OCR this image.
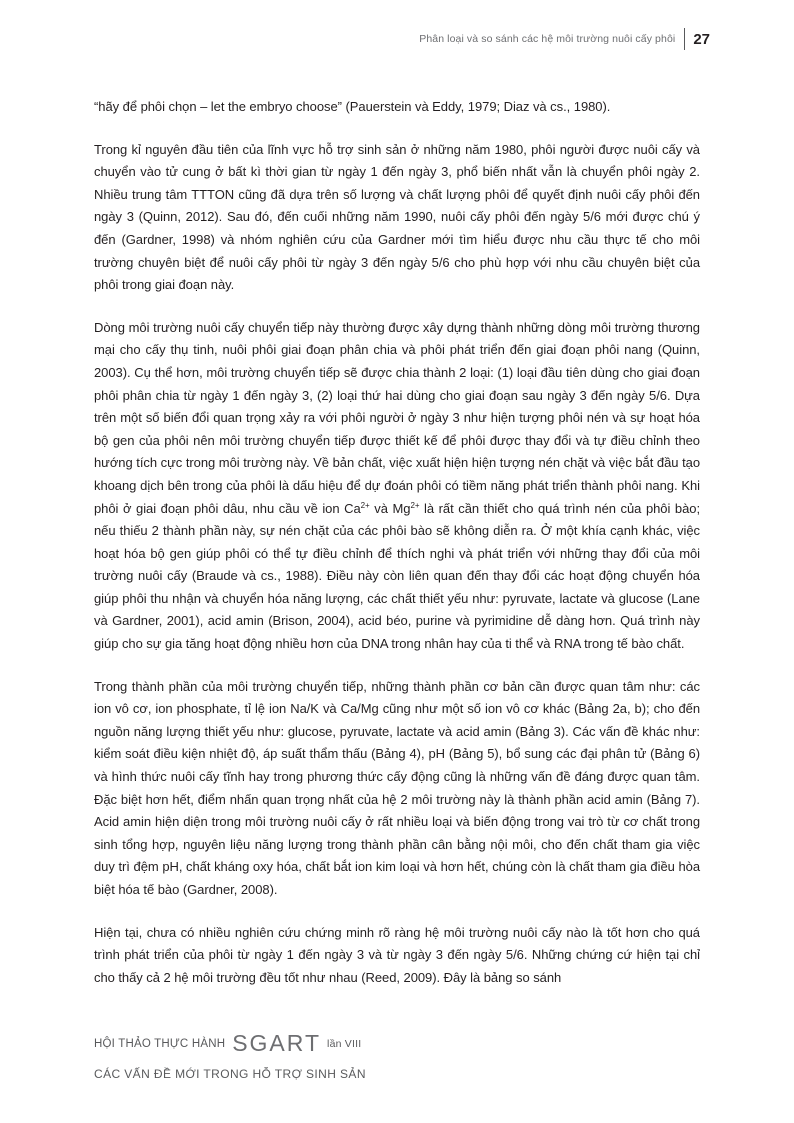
Phân loại và so sánh các hệ môi trường nuôi cấy phôi 27

“hãy để phôi chọn – let the embryo choose” (Pauerstein và Eddy, 1979; Diaz và cs., 1980).

Trong kỉ nguyên đầu tiên của lĩnh vực hỗ trợ sinh sản ở những năm 1980, phôi người được nuôi cấy và chuyển vào tử cung ở bất kì thời gian từ ngày 1 đến ngày 3, phổ biến nhất vẫn là chuyển phôi ngày 2. Nhiều trung tâm TTTON cũng đã dựa trên số lượng và chất lượng phôi để quyết định nuôi cấy phôi đến ngày 3 (Quinn, 2012). Sau đó, đến cuối những năm 1990, nuôi cấy phôi đến ngày 5/6 mới được chú ý đến (Gardner, 1998) và nhóm nghiên cứu của Gardner mới tìm hiểu được nhu cầu thực tế cho môi trường chuyên biệt để nuôi cấy phôi từ ngày 3 đến ngày 5/6 cho phù hợp với nhu cầu chuyên biệt của phôi trong giai đoạn này.

Dòng môi trường nuôi cấy chuyển tiếp này thường được xây dựng thành những dòng môi trường thương mại cho cấy thụ tinh, nuôi phôi giai đoạn phân chia và phôi phát triển đến giai đoạn phôi nang (Quinn, 2003). Cụ thể hơn, môi trường chuyển tiếp sẽ được chia thành 2 loại: (1) loại đầu tiên dùng cho giai đoạn phôi phân chia từ ngày 1 đến ngày 3, (2) loại thứ hai dùng cho giai đoạn sau ngày 3 đến ngày 5/6. Dựa trên một số biến đổi quan trọng xảy ra với phôi người ở ngày 3 như hiện tượng phôi nén và sự hoạt hóa bộ gen của phôi nên môi trường chuyển tiếp được thiết kế để phôi được thay đổi và tự điều chỉnh theo hướng tích cực trong môi trường này. Về bản chất, việc xuất hiện hiện tượng nén chặt và việc bắt đầu tạo khoang dịch bên trong của phôi là dấu hiệu để dự đoán phôi có tiềm năng phát triển thành phôi nang. Khi phôi ở giai đoạn phôi dâu, nhu cầu về ion $Ca^{2+}$ và $Mg^{2+}$ là rất cần thiết cho quá trình nén của phôi bào; nếu thiếu 2 thành phần này, sự nén chặt của các phôi bào sẽ không diễn ra. Ở một khía cạnh khác, việc hoạt hóa bộ gen giúp phôi có thể tự điều chỉnh để thích nghi và phát triển với những thay đổi của môi trường nuôi cấy (Braude và cs., 1988). Điều này còn liên quan đến thay đổi các hoạt động chuyển hóa giúp phôi thu nhận và chuyển hóa năng lượng, các chất thiết yếu như: pyruvate, lactate và glucose (Lane và Gardner, 2001), acid amin (Brison, 2004), acid béo, purine và pyrimidine dễ dàng hơn. Quá trình này giúp cho sự gia tăng hoạt động nhiều hơn của DNA trong nhân hay của ti thể và RNA trong tế bào chất.

Trong thành phần của môi trường chuyển tiếp, những thành phần cơ bản cần được quan tâm như: các ion vô cơ, ion phosphate, tỉ lệ ion Na/K và Ca/Mg cũng như một số ion vô cơ khác (Bảng 2a, b); cho đến nguồn năng lượng thiết yếu như: glucose, pyruvate, lactate và acid amin (Bảng 3). Các vấn đề khác như: kiểm soát điều kiện nhiệt độ, áp suất thẩm thấu (Bảng 4), pH (Bảng 5), bổ sung các đại phân tử (Bảng 6) và hình thức nuôi cấy tĩnh hay trong phương thức cấy động cũng là những vấn đề đáng được quan tâm. Đặc biệt hơn hết, điểm nhấn quan trọng nhất của hệ 2 môi trường này là thành phần acid amin (Bảng 7). Acid amin hiện diện trong môi trường nuôi cấy ở rất nhiều loại và biến động trong vai trò từ cơ chất trong sinh tổng hợp, nguyên liệu năng lượng trong thành phần cân bằng nội môi, cho đến chất tham gia việc duy trì đệm pH, chất kháng oxy hóa, chất bắt ion kim loại và hơn hết, chúng còn là chất tham gia điều hòa biệt hóa tế bào (Gardner, 2008).

Hiện tại, chưa có nhiều nghiên cứu chứng minh rõ ràng hệ môi trường nuôi cấy nào là tốt hơn cho quá trình phát triển của phôi từ ngày 1 đến ngày 3 và từ ngày 3 đến ngày 5/6. Những chứng cứ hiện tại chỉ cho thấy cả 2 hệ môi trường đều tốt như nhau (Reed, 2009). Đây là bảng so sánh

HỘI THẢO THỰC HÀNH SGART lần VIII
CÁC VẤN ĐỀ MỚI TRONG HỖ TRỢ SINH SẢN
